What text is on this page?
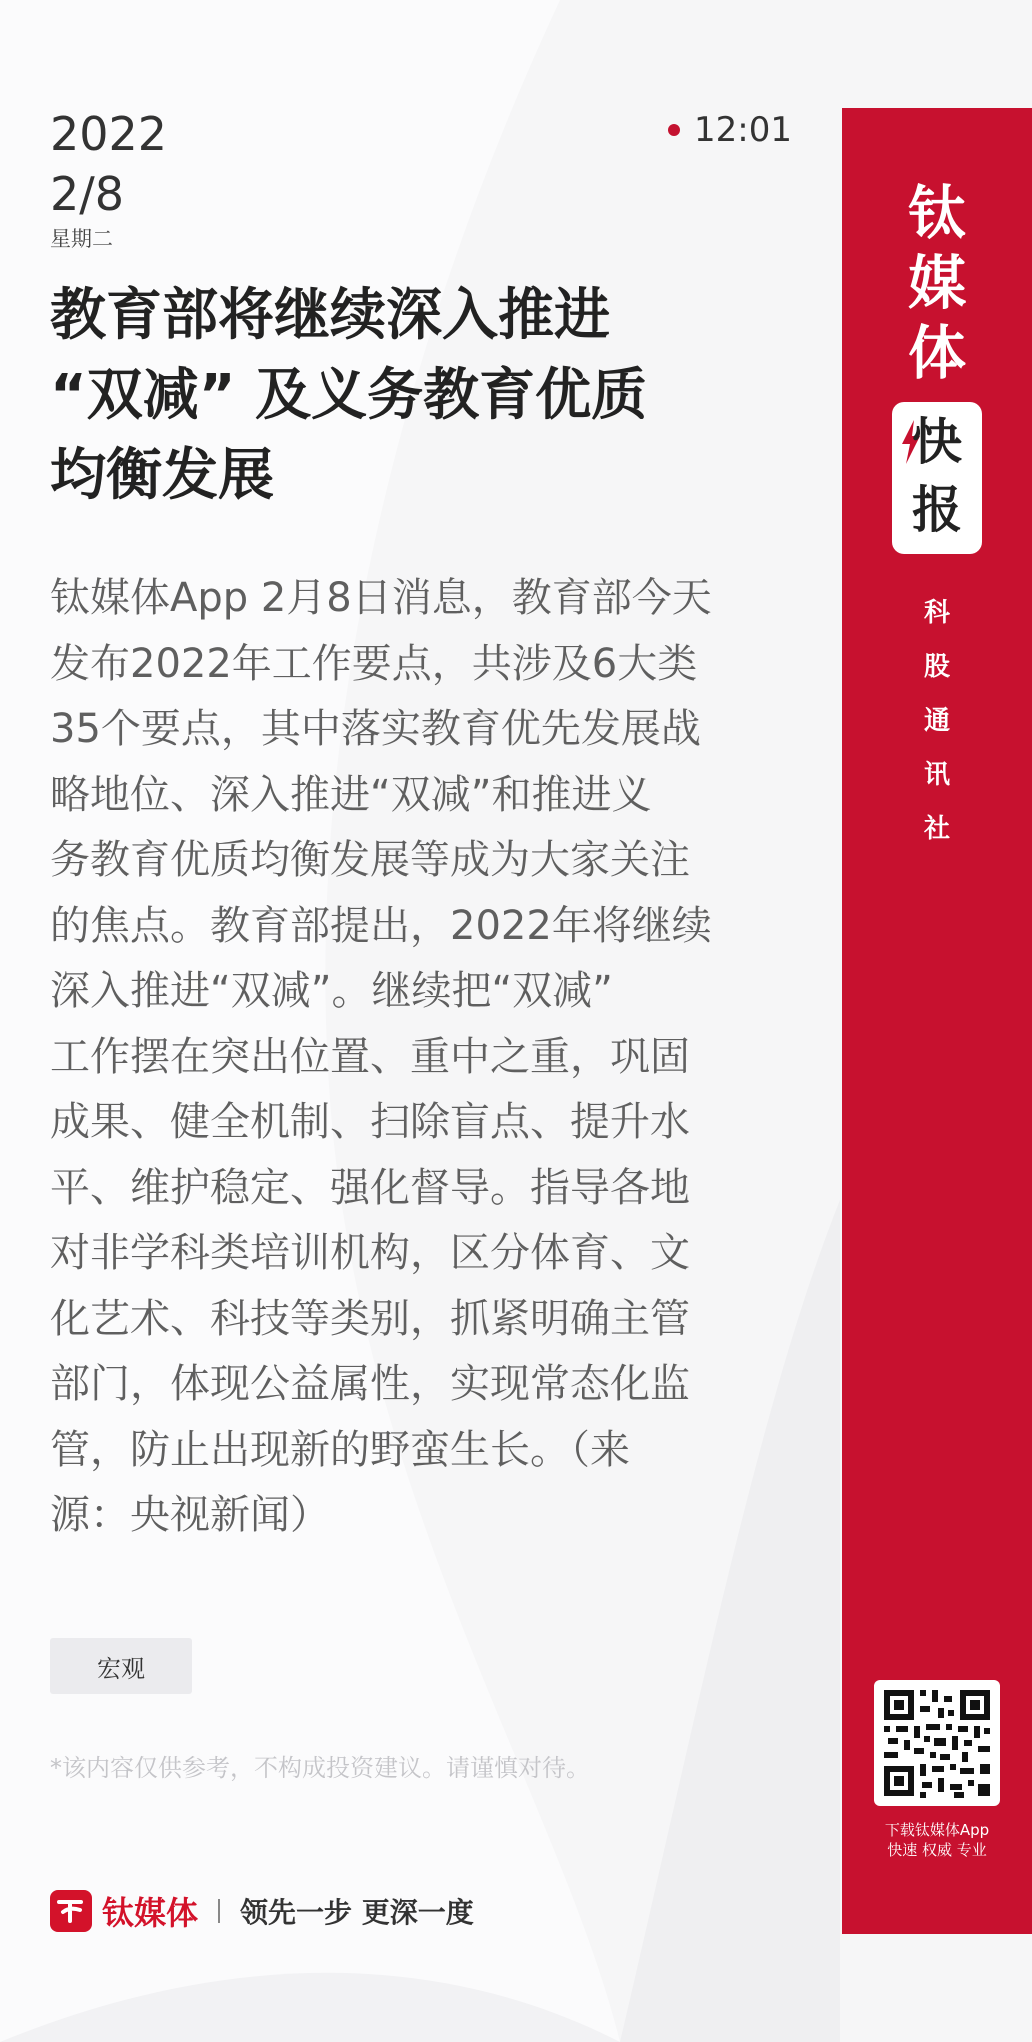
2022
2/8
星期二
12:01
教育部将继续深入推进
“双减” 及义务教育优质
均衡发展

钛媒体App 2月8日消息，教育部今天
发布2022年工作要点，共涉及6大类
35个要点，其中落实教育优先发展战
略地位、深入推进“双减”和推进义
务教育优质均衡发展等成为大家关注
的焦点。教育部提出，2022年将继续
深入推进“双减”。继续把“双减”
工作摆在突出位置、重中之重，巩固
成果、健全机制、扫除盲点、提升水
平、维护稳定、强化督导。指导各地
对非学科类培训机构，区分体育、文
化艺术、科技等类别，抓紧明确主管
部门，体现公益属性，实现常态化监
管，防止出现新的野蛮生长。（来
源：央视新闻）

宏观
*该内容仅供参考，不构成投资建议。请谨慎对待。
钛媒体 领先一步 更深一度
钛
媒
体
快
报
科
股
通
讯
社
下载钛媒体App
快速 权威 专业
